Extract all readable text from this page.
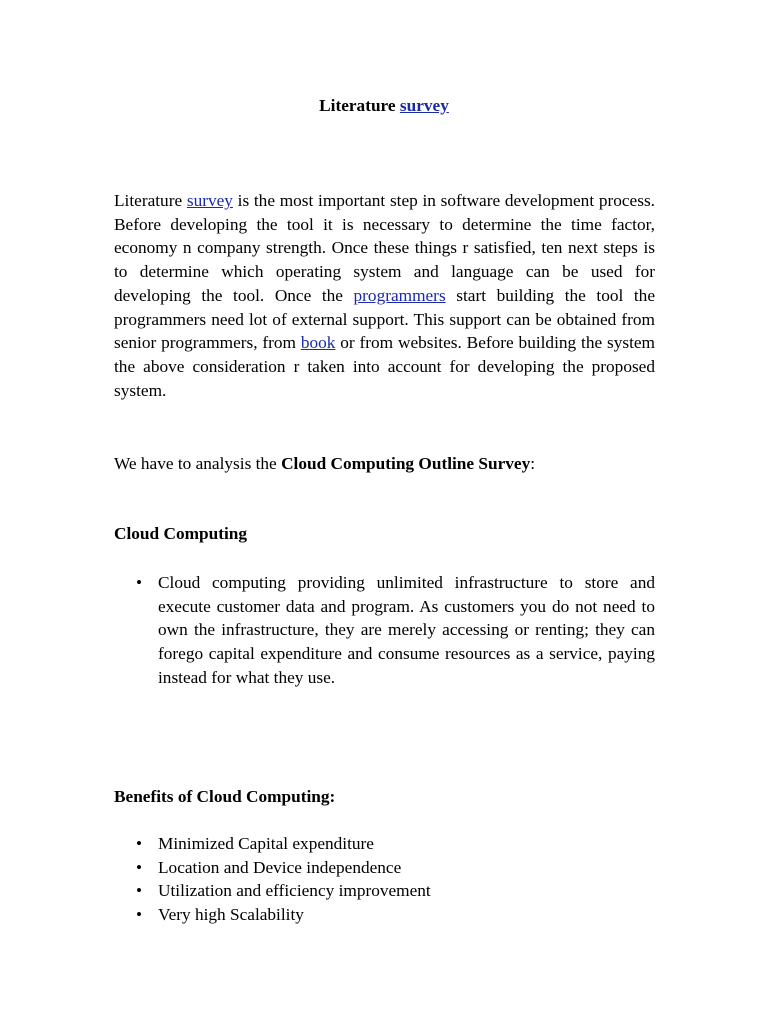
Literature survey

Literature survey is the most important step in software development process. Before developing the tool it is necessary to determine the time factor, economy n company strength. Once these things r satisfied, ten next steps is to determine which operating system and language can be used for developing the tool. Once the programmers start building the tool the programmers need lot of external support. This support can be obtained from senior programmers, from book or from websites. Before building the system the above consideration r taken into account for developing the proposed system.

We have to analysis the Cloud Computing Outline Survey:

Cloud Computing

• Cloud computing providing unlimited infrastructure to store and execute customer data and program. As customers you do not need to own the infrastructure, they are merely accessing or renting; they can forego capital expenditure and consume resources as a service, paying instead for what they use.

Benefits of Cloud Computing:

• Minimized Capital expenditure
• Location and Device independence
• Utilization and efficiency improvement
• Very high Scalability
